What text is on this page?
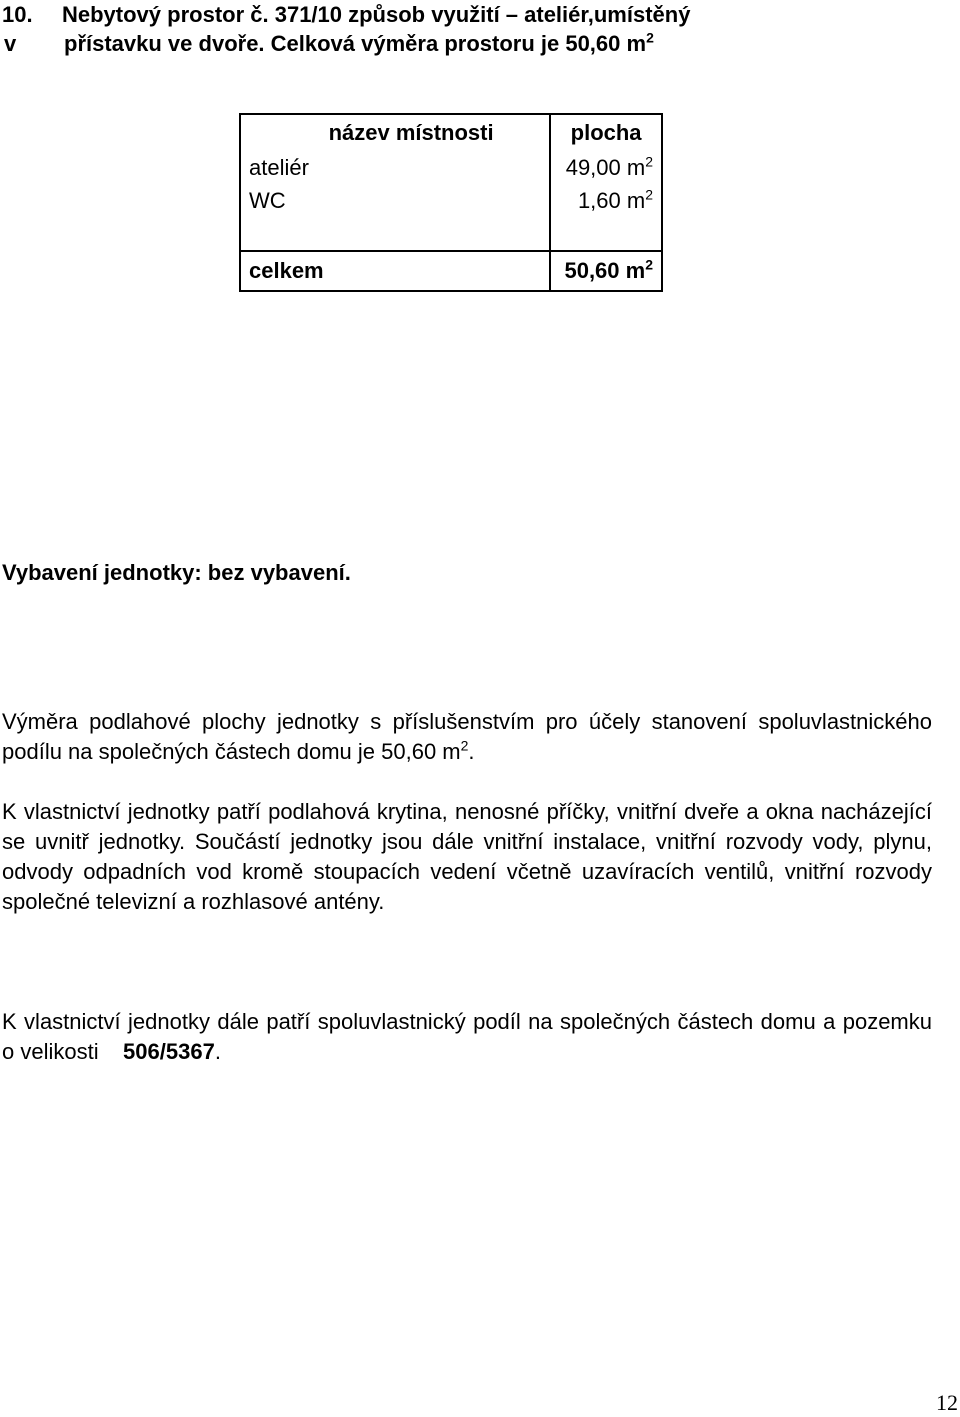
10. Nebytový prostor č. 371/10 způsob využití – ateliér,umístěný
v přístavku ve dvoře. Celková výměra prostoru je 50,60 $m^2$
název místnosti	plocha
ateliér	49,00 $m^2$
WC	1,60 $m^2$

celkem	50,60 $m^2$

Vybavení jednotky: bez vybavení.

Výměra podlahové plochy jednotky s příslušenstvím pro účely stanovení spoluvlastnického podílu na společných částech domu je 50,60 $m^2$.

K vlastnictví jednotky patří podlahová krytina, nenosné příčky, vnitřní dveře a okna nacházející se uvnitř jednotky. Součástí jednotky jsou dále vnitřní instalace, vnitřní rozvody vody, plynu, odvody odpadních vod kromě stoupacích vedení včetně uzavíracích ventilů, vnitřní rozvody společné televizní a rozhlasové antény.

K vlastnictví jednotky dále patří spoluvlastnický podíl na společných částech domu a pozemku o velikosti 506/5367.

12
